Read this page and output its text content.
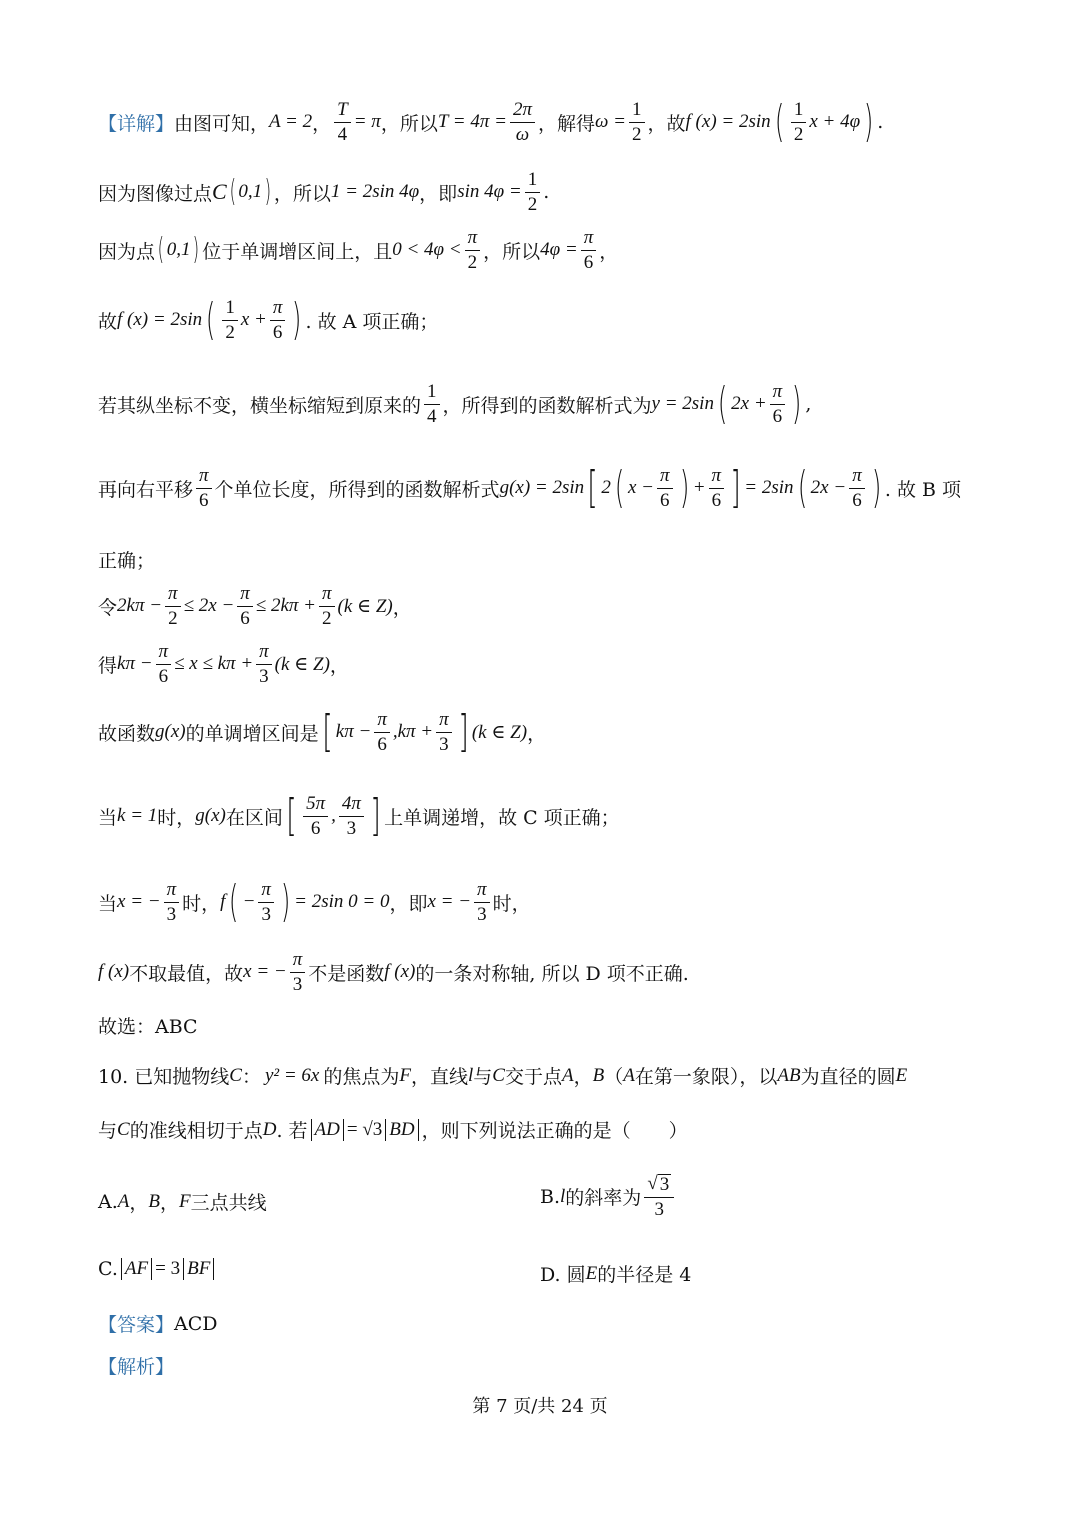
【详解】 由图可知， A = 2 ， $\frac{T}{4} = \pi$ ，所以 $T = 4\pi = \frac{2\pi}{\omega}$ ，解得 $\omega = \frac{1}{2}$ ，故 f (x) = 2sin ( $\frac{1}{2}$ x + 4φ ) .
因为图像过点 C ( 0,1 ) ，所以 1 = 2sin 4φ ，即 $\sin 4\varphi = \frac{1}{2}$ .
因为点 ( 0,1 ) 位于单调增区间上，且 $0 < 4\varphi < \frac{\pi}{2}$ ，所以 $4\varphi = \frac{\pi}{6}$ ，
故 f (x) = 2sin ( $\frac{1}{2}$ $x + \frac{\pi}{6}$ ) . 故 A 项正确；
若其纵坐标不变，横坐标缩短到原来的 $\frac{1}{4}$ ，所得到的函数解析式为 y = 2sin ( $2x + \frac{\pi}{6}$ ) ,
再向右平移 $\frac{\pi}{6}$ 个单位长度，所得到的函数解析式 g(x) = 2sin [ 2 ( $x - \frac{\pi}{6}$ ) + $\frac{\pi}{6}$ ] = 2sin ( $2x - \frac{\pi}{6}$ ) . 故 B 项
正确；
令 $2k\pi - \frac{\pi}{2} \le 2x - \frac{\pi}{6} \le 2k\pi + \frac{\pi}{2} (k$ ∈ Z) ，
得 $k\pi - \frac{\pi}{6} \le x \le k\pi + \frac{\pi}{3} (k$ ∈ Z) ，
故函数 g(x) 的单调增区间是 [ $k\pi - \frac{\pi}{6} ,k\pi + \frac{\pi}{3}$ ] (k ∈ Z) ，
当 k = 1 时， g(x) 在区间 [ $\frac{5\pi}{6}$ , $\frac{4\pi}{3}$ ] 上单调递增，故 C 项正确；
当 x = − $\frac{\pi}{3}$ 时， f ( − $\frac{\pi}{3}$ ) = 2sin 0 = 0 ，即 x = − $\frac{\pi}{3}$ 时，
f (x) 不取最值，故 x = − $\frac{\pi}{3}$ 不是函数 f (x) 的一条对称轴, 所以 D 项不正确.
故选：ABC
10. 已知抛物线 C ： y² = 6x 的焦点为 F ，直线 l 与 C 交于点 A ， B （ A 在第一象限），以 AB 为直径的圆 E
与 C 的准线相切于点 D . 若 AD = √3 BD ，则下列说法正确的是（　　）
A. A ， B ， F 三点共线	B. l 的斜率为 $\frac{√ 3}{3}$
C. AF = 3 BF	D. 圆 E 的半径是 4
【答案】 ACD
【解析】
第 7 页/共 24 页
